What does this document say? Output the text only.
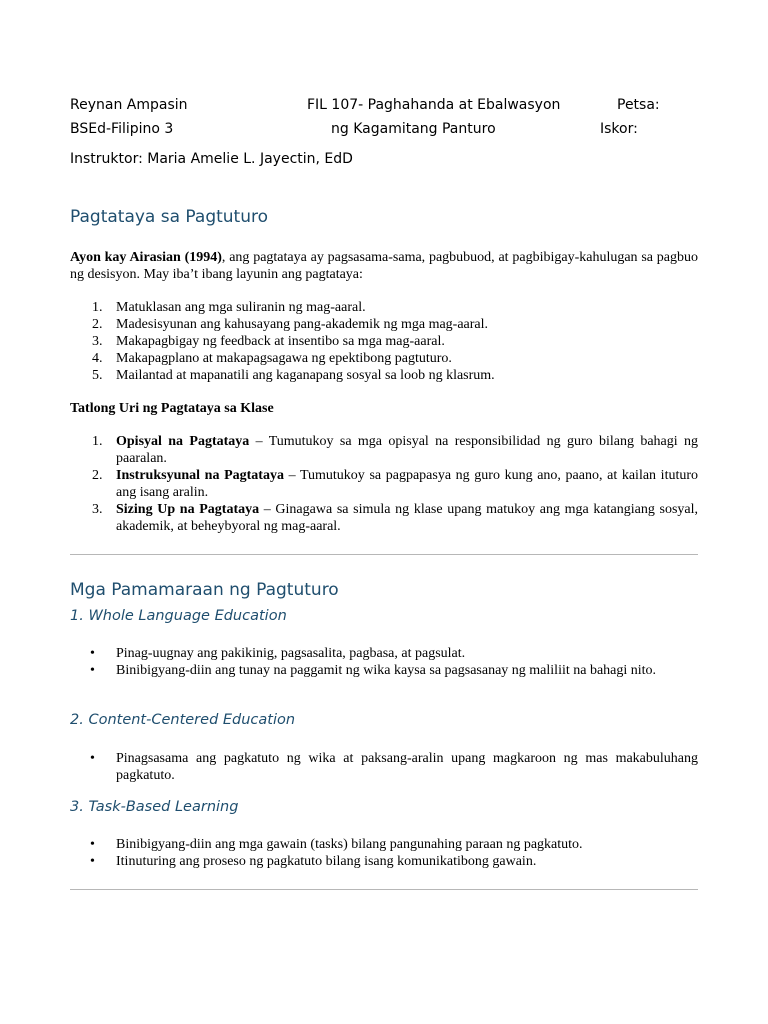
Reynan Ampasin	FIL 107- Paghahanda at Ebalwasyon	Petsa:
BSEd-Filipino 3	ng Kagamitang Panturo	Iskor:
Instruktor: Maria Amelie L. Jayectin, EdD
Pagtataya sa Pagtuturo
Ayon kay Airasian (1994), ang pagtataya ay pagsasama-sama, pagbubuod, at pagbibigay-kahulugan sa pagbuo ng desisyon. May iba’t ibang layunin ang pagtataya:
1. Matuklasan ang mga suliranin ng mag-aaral.
2. Madesisyunan ang kahusayang pang-akademik ng mga mag-aaral.
3. Makapagbigay ng feedback at insentibo sa mga mag-aaral.
4. Makapagplano at makapagsagawa ng epektibong pagtuturo.
5. Mailantad at mapanatili ang kaganapang sosyal sa loob ng klasrum.
Tatlong Uri ng Pagtataya sa Klase
1. Opisyal na Pagtataya – Tumutukoy sa mga opisyal na responsibilidad ng guro bilang bahagi ng paaralan.
2. Instruksyunal na Pagtataya – Tumutukoy sa pagpapasya ng guro kung ano, paano, at kailan ituturo ang isang aralin.
3. Sizing Up na Pagtataya – Ginagawa sa simula ng klase upang matukoy ang mga katangiang sosyal, akademik, at beheybyoral ng mag-aaral.
Mga Pamamaraan ng Pagtuturo
1. Whole Language Education
• Pinag-uugnay ang pakikinig, pagsasalita, pagbasa, at pagsulat.
• Binibigyang-diin ang tunay na paggamit ng wika kaysa sa pagsasanay ng maliliit na bahagi nito.
2. Content-Centered Education
• Pinagsasama ang pagkatuto ng wika at paksang-aralin upang magkaroon ng mas makabuluhang pagkatuto.
3. Task-Based Learning
• Binibigyang-diin ang mga gawain (tasks) bilang pangunahing paraan ng pagkatuto.
• Itinuturing ang proseso ng pagkatuto bilang isang komunikatibong gawain.
